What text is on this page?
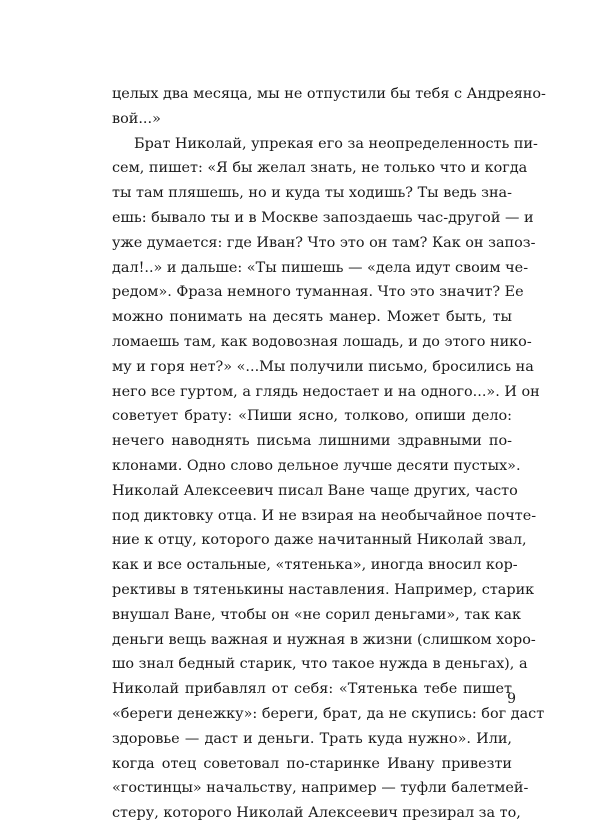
целых два месяца, мы не отпустили бы тебя с Андреяно-
вой...»
Брат Николай, упрекая его за неопределенность пи-
сем, пишет: «Я бы желал знать, не только что и когда
ты там пляшешь, но и куда ты ходишь? Ты ведь зна-
ешь: бывало ты и в Москве запоздаешь час-другой — и
уже думается: где Иван? Что это он там? Как он запоз-
дал!..» и дальше: «Ты пишешь — «дела идут своим че-
редом». Фраза немного туманная. Что это значит? Ее
можно понимать на десять манер. Может быть, ты
ломаешь там, как водовозная лошадь, и до этого нико-
му и горя нет?» «...Мы получили письмо, бросились на
него все гуртом, а глядь недостает и на одного...». И он
советует брату: «Пиши ясно, толково, опиши дело:
нечего наводнять письма лишними здравными по-
клонами. Одно слово дельное лучше десяти пустых».
Николай Алексеевич писал Ване чаще других, часто
под диктовку отца. И не взирая на необычайное почте-
ние к отцу, которого даже начитанный Николай звал,
как и все остальные, «тятенька», иногда вносил кор-
рективы в тятенькины наставления. Например, старик
внушал Ване, чтобы он «не сорил деньгами», так как
деньги вещь важная и нужная в жизни (слишком хоро-
шо знал бедный старик, что такое нужда в деньгах), а
Николай прибавлял от себя: «Тятенька тебе пишет
«береги денежку»: береги, брат, да не скупись: бог даст
здоровье — даст и деньги. Трать куда нужно». Или,
когда отец советовал по-старинке Ивану привезти
«гостинцы» начальству, например — туфли балетмей-
стеру, которого Николай Алексеевич презирал за то,
9
